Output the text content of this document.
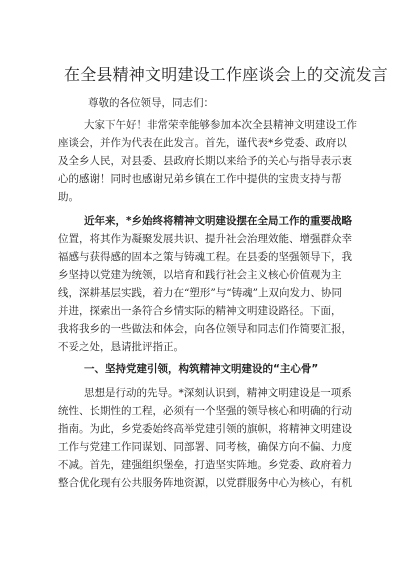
在全县精神文明建设工作座谈会上的交流发言
尊敬的各位领导，同志们：
大家下午好！非常荣幸能够参加本次全县精神文明建设工作
座谈会，并作为代表在此发言。首先，谨代表*乡党委、政府以
及全乡人民，对县委、县政府长期以来给予的关心与指导表示衷
心的感谢！同时也感谢兄弟乡镇在工作中提供的宝贵支持与帮
助。
近年来，*乡始终将精神文明建设摆在全局工作的重要战略
位置，将其作为凝聚发展共识、提升社会治理效能、增强群众幸
福感与获得感的固本之策与铸魂工程。在县委的坚强领导下，我
乡坚持以党建为统领，以培育和践行社会主义核心价值观为主
线，深耕基层实践，着力在“塑形”与“铸魂”上双向发力、协同
并进，探索出一条符合乡情实际的精神文明建设路径。下面，
我将我乡的一些做法和体会，向各位领导和同志们作简要汇报，
不妥之处，恳请批评指正。
一、坚持党建引领，构筑精神文明建设的“主心骨”
思想是行动的先导。*深刻认识到，精神文明建设是一项系
统性、长期性的工程，必须有一个坚强的领导核心和明确的行动
指南。为此，乡党委始终高举党建引领的旗帜，将精神文明建设
工作与党建工作同谋划、同部署、同考核，确保方向不偏、力度
不减。首先，建强组织堡垒，打造坚实阵地。乡党委、政府着力
整合优化现有公共服务阵地资源，以党群服务中心为核心，有机
